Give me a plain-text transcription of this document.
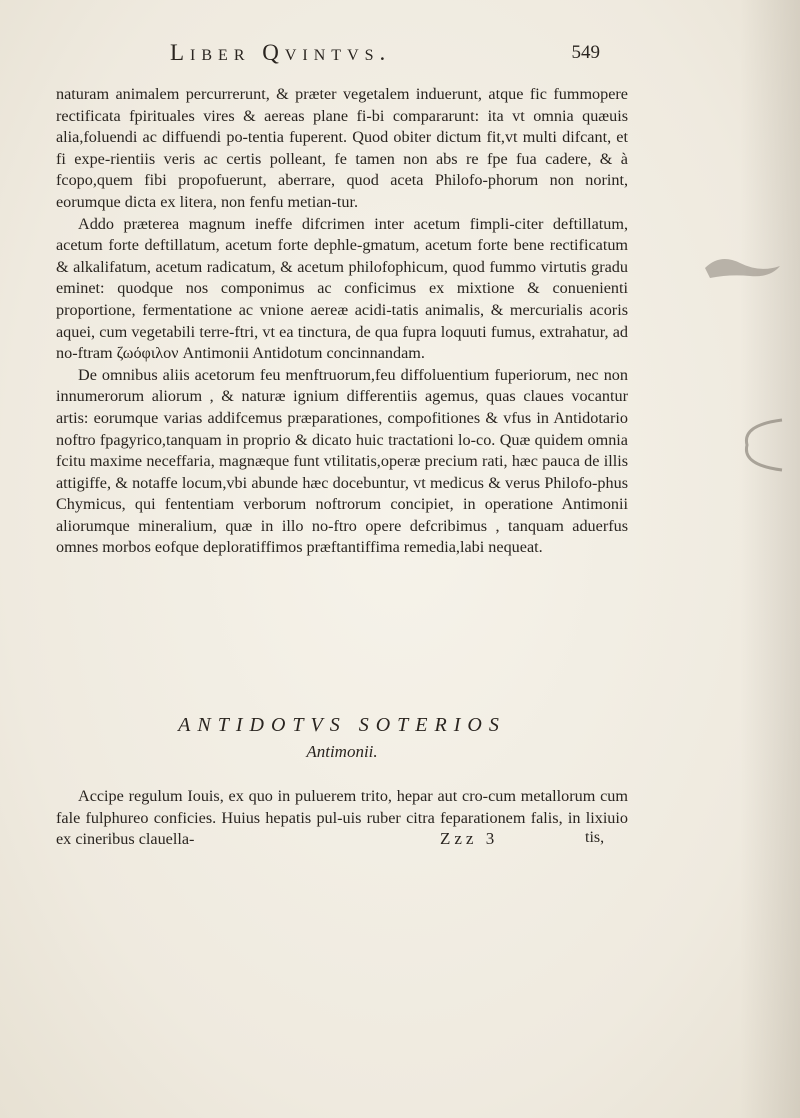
Liber Qvintvs.	549

naturam animalem percurrerunt, & præter vegetalem induerunt, atque fic fummopere rectificata fpirituales vires & aereas plane fi-bi compararunt: ita vt omnia quæuis alia,foluendi ac diffuendi po-tentia fuperent. Quod obiter dictum fit,vt multi difcant, et fi expe-rientiis veris ac certis polleant, fe tamen non abs re fpe fua cadere, & à fcopo,quem fibi propofuerunt, aberrare, quod aceta Philofo-phorum non norint, eorumque dicta ex litera, non fenfu metian-tur.

Addo præterea magnum ineffe difcrimen inter acetum fimpli-citer deftillatum, acetum forte deftillatum, acetum forte dephle-gmatum, acetum forte bene rectificatum & alkalifatum, acetum radicatum, & acetum philofophicum, quod fummo virtutis gradu eminet: quodque nos componimus ac conficimus ex mixtione & conuenienti proportione, fermentatione ac vnione aereæ acidi-tatis animalis, & mercurialis acoris aquei, cum vegetabili terre-ftri, vt ea tinctura, de qua fupra loquuti fumus, extrahatur, ad no-ftram ζωόφιλον Antimonii Antidotum concinnandam.

De omnibus aliis acetorum feu menftruorum,feu diffoluentium fuperiorum, nec non innumerorum aliorum , & naturæ ignium differentiis agemus, quas claues vocantur artis: eorumque varias addifcemus præparationes, compofitiones & vfus in Antidotario noftro fpagyrico,tanquam in proprio & dicato huic tractationi lo-co. Quæ quidem omnia fcitu maxime neceffaria, magnæque funt vtilitatis,operæ precium rati, hæc pauca de illis attigiffe, & notaffe locum,vbi abunde hæc docebuntur, vt medicus & verus Philofo-phus Chymicus, qui fententiam verborum noftrorum concipiet, in operatione Antimonii aliorumque mineralium, quæ in illo no-ftro opere defcribimus , tanquam aduerfus omnes morbos eofque deploratiffimos præftantiffima remedia,labi nequeat.

ANTIDOTVS SOTERIOS
Antimonii.

Accipe regulum Iouis, ex quo in puluerem trito, hepar aut cro-cum metallorum cum fale fulphureo conficies. Huius hepatis pul-uis ruber citra feparationem falis, in lixiuio ex cineribus clauella-	Zzz 3	tis,
